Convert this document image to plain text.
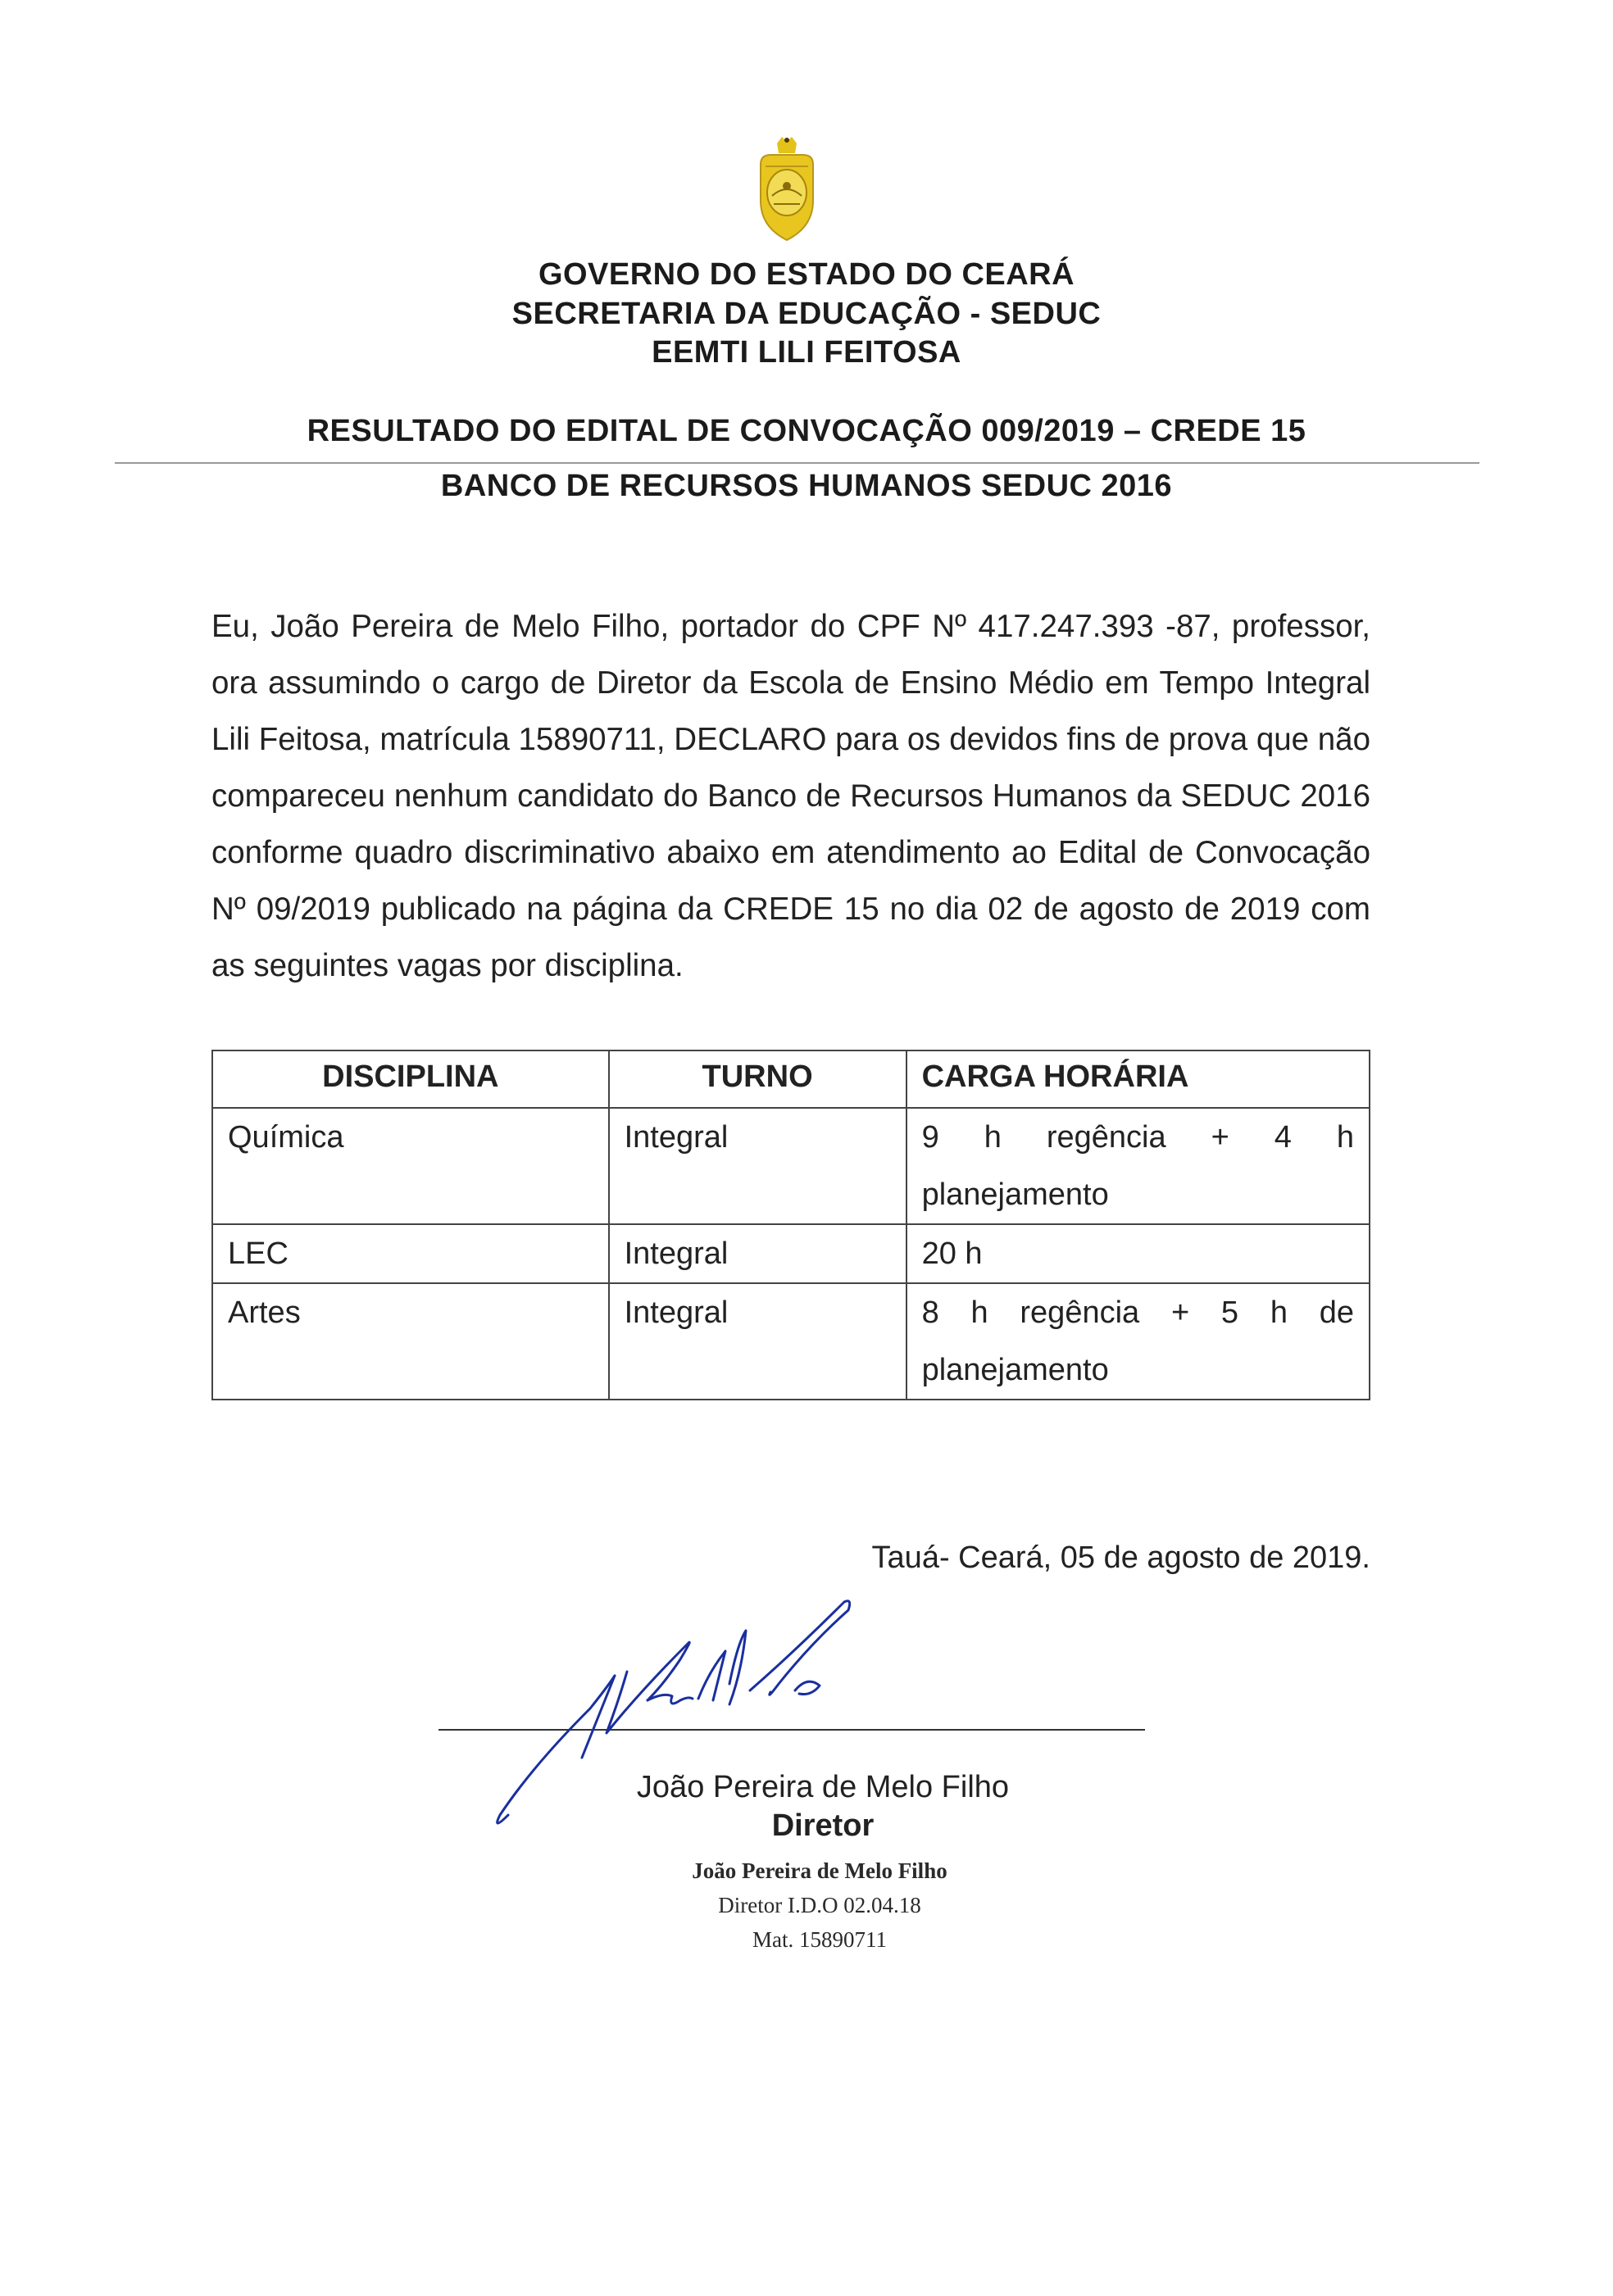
GOVERNO DO ESTADO DO CEARÁ
SECRETARIA DA EDUCAÇÃO - SEDUC
EEMTI LILI FEITOSA
RESULTADO DO EDITAL DE CONVOCAÇÃO 009/2019 – CREDE 15
BANCO DE RECURSOS HUMANOS SEDUC 2016

Eu, João Pereira de Melo Filho, portador do CPF Nº 417.247.393 -87, professor, ora assumindo o cargo de Diretor da Escola de Ensino Médio em Tempo Integral Lili Feitosa, matrícula 15890711, DECLARO para os devidos fins de prova que não compareceu nenhum candidato do Banco de Recursos Humanos da SEDUC 2016 conforme quadro discriminativo abaixo em atendimento ao Edital de Convocação Nº 09/2019 publicado na página da CREDE 15 no dia 02 de agosto de 2019 com as seguintes vagas por disciplina.

DISCIPLINA	TURNO	CARGA HORÁRIA
Química	Integral	9 h regência + 4 h planejamento
LEC	Integral	20 h
Artes	Integral	8 h regência + 5 h de planejamento
Tauá- Ceará, 05 de agosto de 2019.
João Pereira de Melo Filho
Diretor
João Pereira de Melo Filho
Diretor I.D.O 02.04.18
Mat. 15890711
